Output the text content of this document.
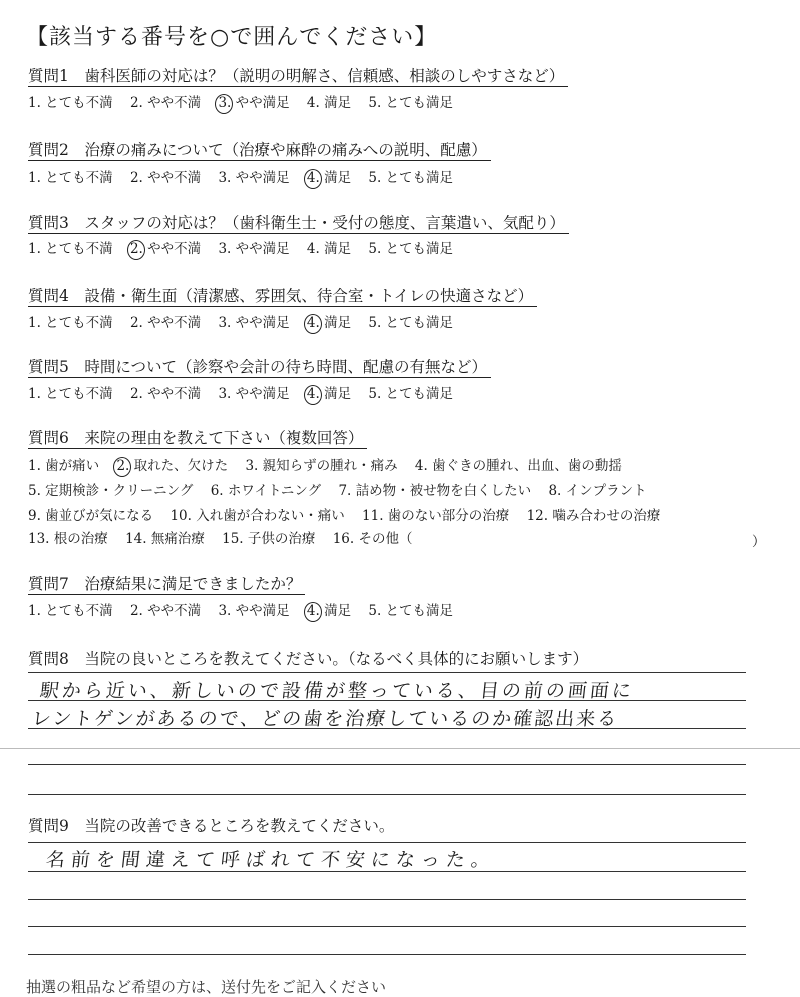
【該当する番号を○で囲んでください】
質問1　歯科医師の対応は？（説明の明解さ、信頼感、相談のしやすさなど）
1. とても不満 2. やや不満 3. やや満足 4. 満足 5. とても満足
質問2　治療の痛みについて（治療や麻酔の痛みへの説明、配慮）
1. とても不満 2. やや不満 3. やや満足 4. 満足 5. とても満足
質問3　スタッフの対応は？（歯科衛生士・受付の態度、言葉遣い、気配り）
1. とても不満 2. やや不満 3. やや満足 4. 満足 5. とても満足
質問4　設備・衛生面（清潔感、雰囲気、待合室・トイレの快適さなど）
1. とても不満 2. やや不満 3. やや満足 4. 満足 5. とても満足
質問5　時間について（診察や会計の待ち時間、配慮の有無など）
1. とても不満 2. やや不満 3. やや満足 4. 満足 5. とても満足
質問6　来院の理由を教えて下さい（複数回答）
1. 歯が痛い 2. 取れた、欠けた 3. 親知らずの腫れ・痛み 4. 歯ぐきの腫れ、出血、歯の動揺
5. 定期検診・クリーニング 6. ホワイトニング 7. 詰め物・被せ物を白くしたい 8. インプラント
9. 歯並びが気になる 10. 入れ歯が合わない・痛い 11. 歯のない部分の治療 12. 噛み合わせの治療
13. 根の治療 14. 無痛治療 15. 子供の治療 16. その他（	）
質問7　治療結果に満足できましたか？
1. とても不満 2. やや不満 3. やや満足 4. 満足 5. とても満足
質問8　当院の良いところを教えてください。（なるべく具体的にお願いします）
駅から近い、新しいので設備が整っている、目の前の画面に
レントゲンがあるので、どの歯を治療しているのか確認出来る
質問9　当院の改善できるところを教えてください。
名前を間違えて呼ばれて不安になった。
抽選の粗品など希望の方は、送付先をご記入ください
